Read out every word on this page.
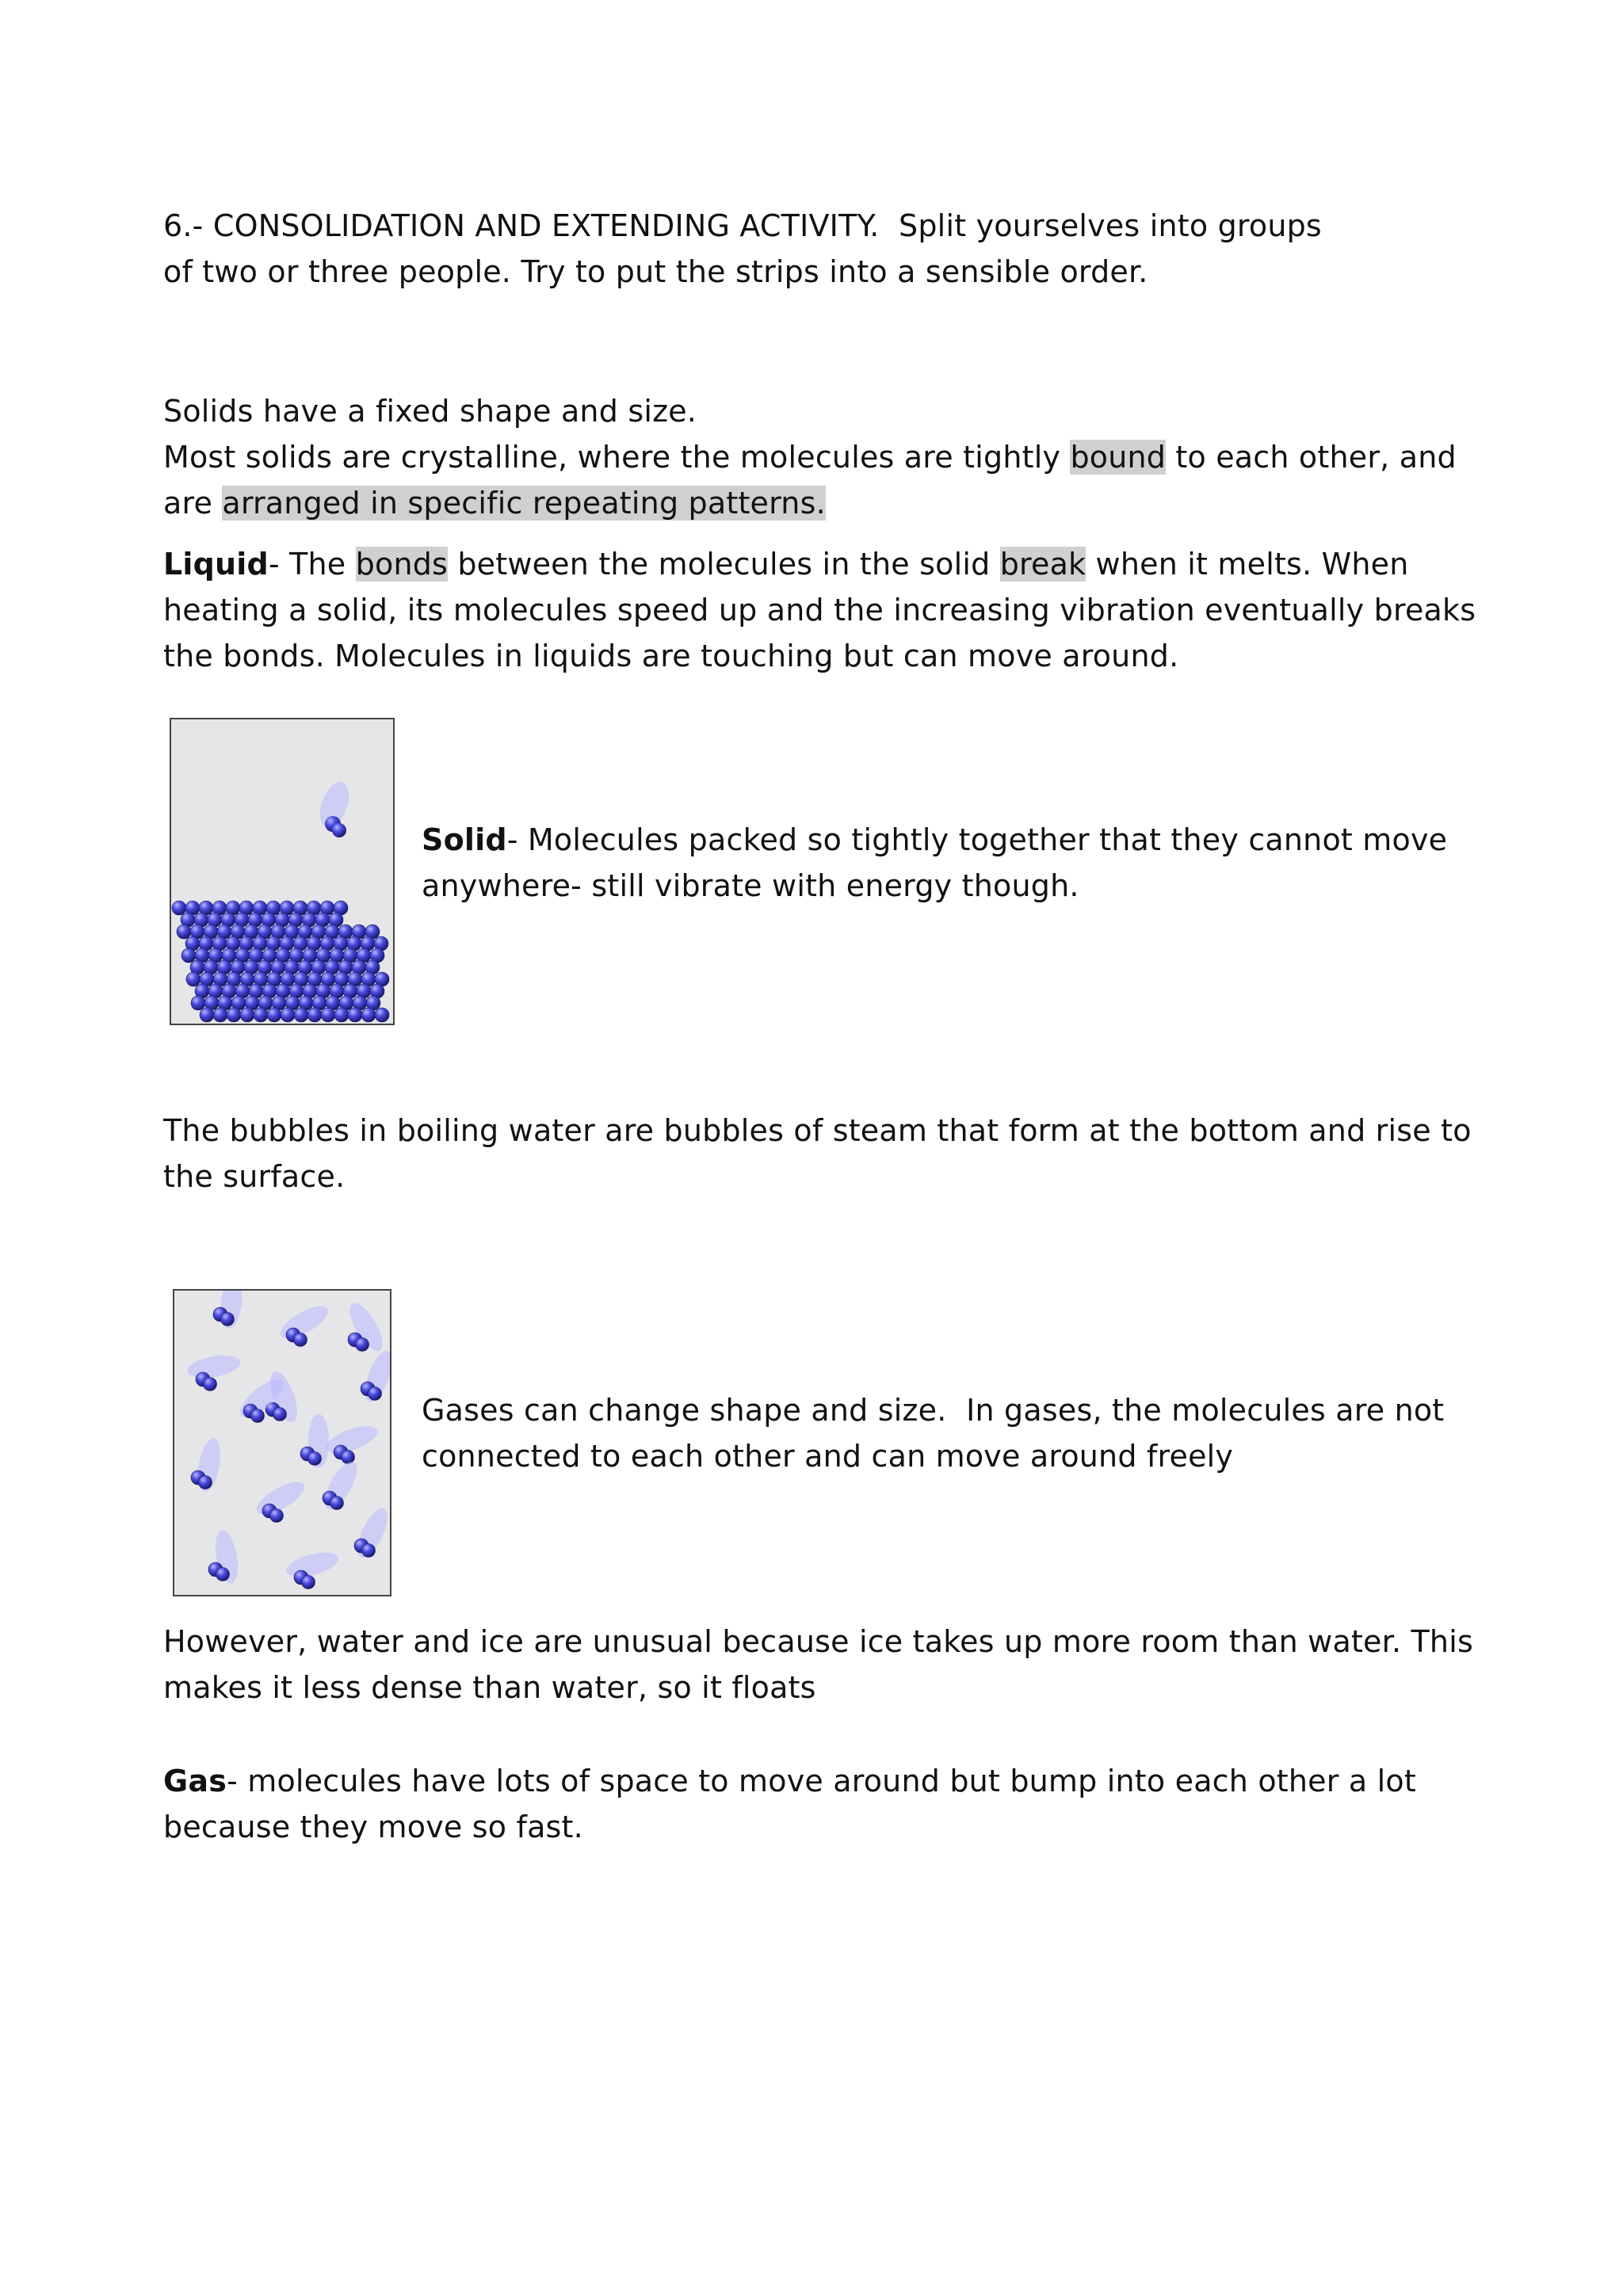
6.- CONSOLIDATION AND EXTENDING ACTIVITY.  Split yourselves into groups
of two or three people. Try to put the strips into a sensible order.

Solids have a fixed shape and size.
Most solids are crystalline, where the molecules are tightly bound to each other, and
are arranged in specific repeating patterns.

Liquid- The bonds between the molecules in the solid break when it melts. When heating a solid, its molecules speed up and the increasing vibration eventually breaks the bonds. Molecules in liquids are touching but can move around.

Solid- Molecules packed so tightly together that they cannot move anywhere- still vibrate with energy though.

The bubbles in boiling water are bubbles of steam that form at the bottom and rise to the surface.

Gases can change shape and size.  In gases, the molecules are not connected to each other and can move around freely

However, water and ice are unusual because ice takes up more room than water. This makes it less dense than water, so it floats

Gas- molecules have lots of space to move around but bump into each other a lot because they move so fast.
